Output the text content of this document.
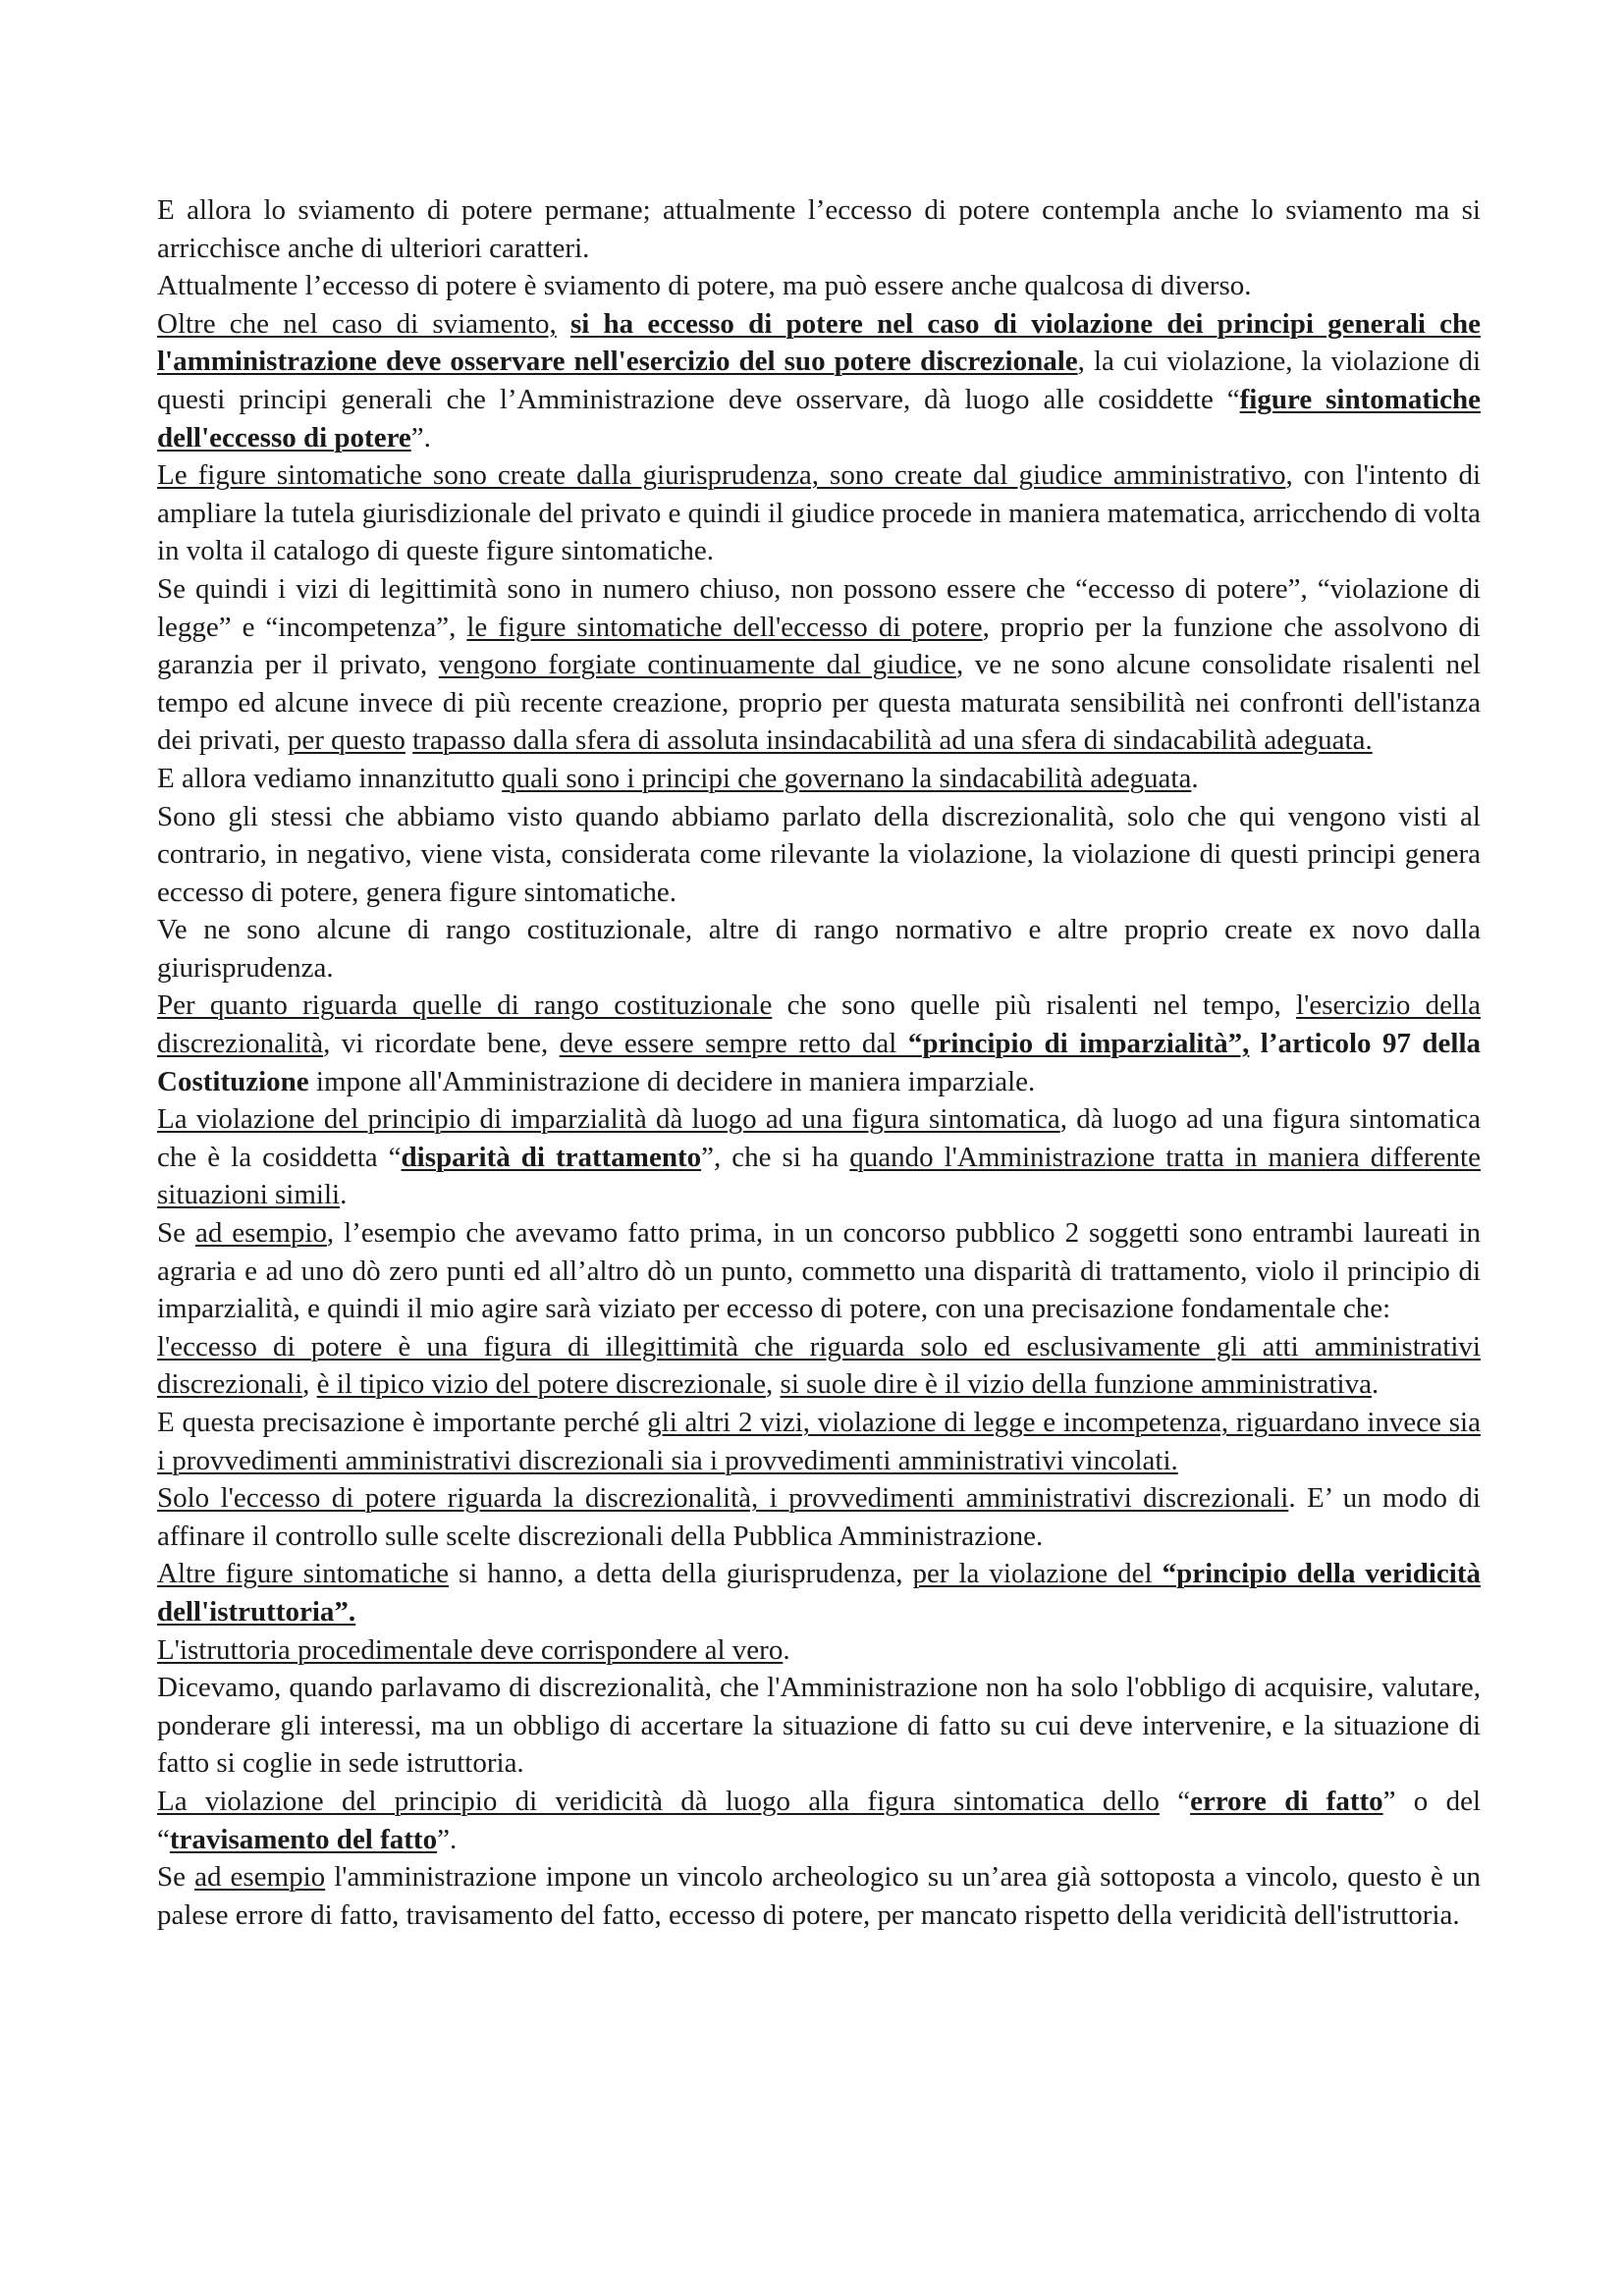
E allora lo sviamento di potere permane; attualmente l’eccesso di potere contempla anche lo sviamento ma si arricchisce anche di ulteriori caratteri.

Attualmente l’eccesso di potere è sviamento di potere, ma può essere anche qualcosa di diverso.

Oltre che nel caso di sviamento, si ha eccesso di potere nel caso di violazione dei principi generali che l'amministrazione deve osservare nell'esercizio del suo potere discrezionale, la cui violazione, la violazione di questi principi generali che l’Amministrazione deve osservare, dà luogo alle cosiddette “figure sintomatiche dell'eccesso di potere”.

Le figure sintomatiche sono create dalla giurisprudenza, sono create dal giudice amministrativo, con l'intento di ampliare la tutela giurisdizionale del privato e quindi il giudice procede in maniera matematica, arricchendo di volta in volta il catalogo di queste figure sintomatiche.

Se quindi i vizi di legittimità sono in numero chiuso, non possono essere che “eccesso di potere”, “violazione di legge” e “incompetenza”, le figure sintomatiche dell'eccesso di potere, proprio per la funzione che assolvono di garanzia per il privato, vengono forgiate continuamente dal giudice, ve ne sono alcune consolidate risalenti nel tempo ed alcune invece di più recente creazione, proprio per questa maturata sensibilità nei confronti dell'istanza dei privati, per questo trapasso dalla sfera di assoluta insindacabilità ad una sfera di sindacabilità adeguata.

E allora vediamo innanzitutto quali sono i principi che governano la sindacabilità adeguata.

Sono gli stessi che abbiamo visto quando abbiamo parlato della discrezionalità, solo che qui vengono visti al contrario, in negativo, viene vista, considerata come rilevante la violazione, la violazione di questi principi genera eccesso di potere, genera figure sintomatiche.

Ve ne sono alcune di rango costituzionale, altre di rango normativo e altre proprio create ex novo dalla giurisprudenza.

Per quanto riguarda quelle di rango costituzionale che sono quelle più risalenti nel tempo, l'esercizio della discrezionalità, vi ricordate bene, deve essere sempre retto dal “principio di imparzialità”, l’articolo 97 della Costituzione impone all'Amministrazione di decidere in maniera imparziale.

La violazione del principio di imparzialità dà luogo ad una figura sintomatica, dà luogo ad una figura sintomatica che è la cosiddetta “disparità di trattamento”, che si ha quando l'Amministrazione tratta in maniera differente situazioni simili.

Se ad esempio, l’esempio che avevamo fatto prima, in un concorso pubblico 2 soggetti sono entrambi laureati in agraria e ad uno dò zero punti ed all’altro dò un punto, commetto una disparità di trattamento, violo il principio di imparzialità, e quindi il mio agire sarà viziato per eccesso di potere, con una precisazione fondamentale che:

l'eccesso di potere è una figura di illegittimità che riguarda solo ed esclusivamente gli atti amministrativi discrezionali, è il tipico vizio del potere discrezionale, si suole dire è il vizio della funzione amministrativa.

E questa precisazione è importante perché gli altri 2 vizi, violazione di legge e incompetenza, riguardano invece sia i provvedimenti amministrativi discrezionali sia i provvedimenti amministrativi vincolati.

Solo l'eccesso di potere riguarda la discrezionalità, i provvedimenti amministrativi discrezionali. E’ un modo di affinare il controllo sulle scelte discrezionali della Pubblica Amministrazione.

Altre figure sintomatiche si hanno, a detta della giurisprudenza, per la violazione del “principio della veridicità dell'istruttoria”.

L'istruttoria procedimentale deve corrispondere al vero.

Dicevamo, quando parlavamo di discrezionalità, che l'Amministrazione non ha solo l'obbligo di acquisire, valutare, ponderare gli interessi, ma un obbligo di accertare la situazione di fatto su cui deve intervenire, e la situazione di fatto si coglie in sede istruttoria.

La violazione del principio di veridicità dà luogo alla figura sintomatica dello “errore di fatto” o del “travisamento del fatto”.

Se ad esempio l'amministrazione impone un vincolo archeologico su un’area già sottoposta a vincolo, questo è un palese errore di fatto, travisamento del fatto, eccesso di potere, per mancato rispetto della veridicità dell'istruttoria.
